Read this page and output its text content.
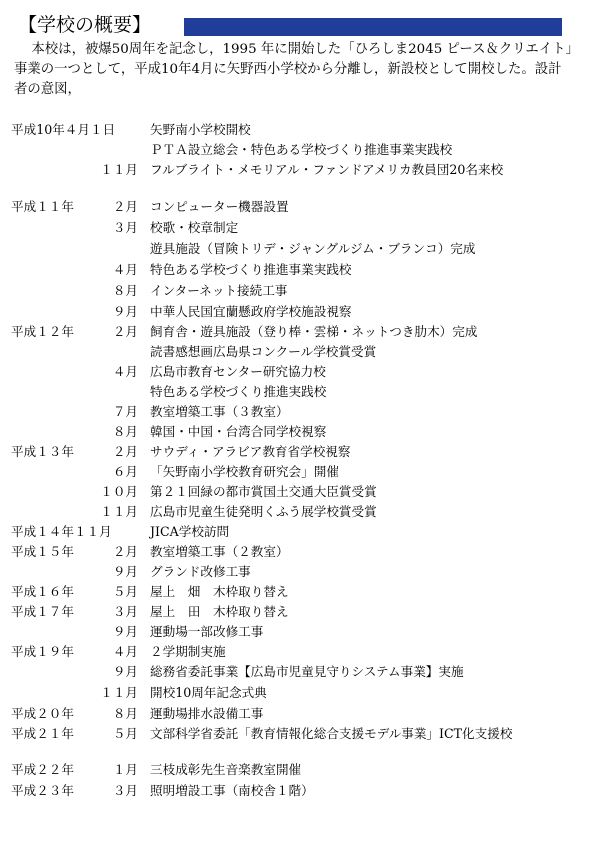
【学校の概要】

本校は，被爆50周年を記念し，1995 年に開始した「ひろしま2045 ピース＆クリエイト」事業の一つとして，平成10年4月に矢野西小学校から分離し，新設校として開校した。設計者の意図，

平成10年４月１日	矢野南小学校開校
ＰＴＡ設立総会・特色ある学校づくり推進事業実践校
１１月 フルブライト・メモリアル・ファンドアメリカ教員団20名来校
平成１１年	２月 コンピューター機器設置
３月 校歌・校章制定
遊具施設（冒険トリデ・ジャングルジム・ブランコ）完成
４月 特色ある学校づくり推進事業実践校
８月 インターネット接続工事
９月 中華人民国宜蘭懸政府学校施設視察
平成１２年	２月 飼育舎・遊具施設（登り棒・雲梯・ネットつき肋木）完成
読書感想画広島県コンクール学校賞受賞
４月 広島市教育センター研究協力校
特色ある学校づくり推進実践校
７月 教室増築工事（３教室）
８月 韓国・中国・台湾合同学校視察
平成１３年	２月 サウディ・アラビア教育省学校視察
６月 「矢野南小学校教育研究会」開催
１０月 第２１回緑の都市賞国土交通大臣賞受賞
１１月 広島市児童生徒発明くふう展学校賞受賞
平成１４年１１月	JICA学校訪問
平成１５年	２月 教室増築工事（２教室）
９月 グランド改修工事
平成１６年	５月 屋上　畑　木枠取り替え
平成１７年	３月 屋上　田　木枠取り替え
９月 運動場一部改修工事
平成１９年	４月 ２学期制実施
９月 総務省委託事業【広島市児童見守りシステム事業】実施
１１月 開校10周年記念式典
平成２０年	８月 運動場排水設備工事
平成２１年	５月 文部科学省委託「教育情報化総合支援モデル事業」ICT化支援校
平成２２年	１月 三枝成彰先生音楽教室開催
平成２３年	３月 照明増設工事（南校舎１階）
